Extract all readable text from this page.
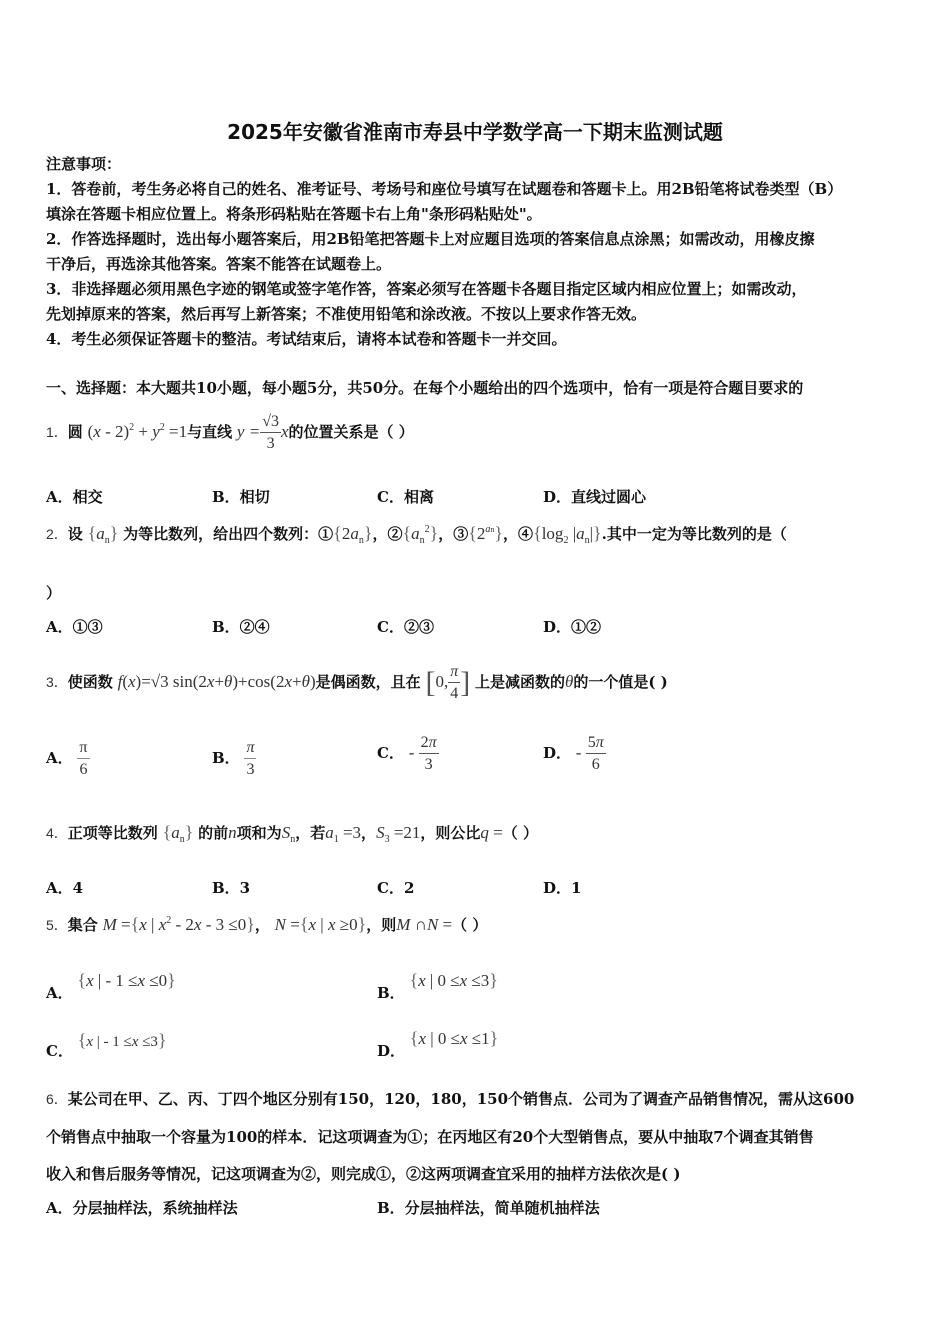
2025年安徽省淮南市寿县中学数学高一下期末监测试题
注意事项：
1．答卷前，考生务必将自己的姓名、准考证号、考场号和座位号填写在试题卷和答题卡上。用2B铅笔将试卷类型（B）
填涂在答题卡相应位置上。将条形码粘贴在答题卡右上角"条形码粘贴处"。
2．作答选择题时，选出每小题答案后，用2B铅笔把答题卡上对应题目选项的答案信息点涂黑；如需改动，用橡皮擦
干净后，再选涂其他答案。答案不能答在试题卷上。
3．非选择题必须用黑色字迹的钢笔或签字笔作答，答案必须写在答题卡各题目指定区域内相应位置上；如需改动，
先划掉原来的答案，然后再写上新答案；不准使用铅笔和涂改液。不按以上要求作答无效。
4．考生必须保证答题卡的整洁。考试结束后，请将本试卷和答题卡一并交回。
一、选择题：本大题共10小题，每小题5分，共50分。在每个小题给出的四个选项中，恰有一项是符合题目要求的
1．圆 $(x - 2)^2 + y^2 =1$与直线 $y = \frac{√3}{3}$ x的位置关系是（ ）
A．相交	B．相切	C．相离	D．直线过圆心
2．设 $\{a_n\}$ 为等比数列，给出四个数列：$①\{2a_n\}$，$②\{a_n^2\}$，$③\{2^{an}\}$，$④\{\log_2$ $|a_n|$}.其中一定为等比数列的是（
）
A．①③	B．②④	C．②③	D．①②
3．使函数 f(x)=√3 sin(2x+θ)+cos(2x+θ)是偶函数，且在 [0, $\frac{\pi}{4}$ ] 上是减函数的θ的一个值是( )
A． $\frac{\pi}{6}$	B． $\frac{\pi}{3}$	C． - $\frac{2\pi}{3}$	D． - $\frac{5\pi}{6}$
4．正项等比数列 $\{a_n\}$ 的前n项和为$S_n$，若$a_1 =3$，$S_3 =21$，则公比q =（ ）
A．4	B．3	C．2	D．1
5．集合 M ={x | $x^2 - 2x - 3 \le 0$}， N ={x | x ≥0}，则M ∩N =（ ）
A． {x | - 1 ≤x ≤0}
B． {x | 0 ≤x ≤3}
C． {x | - 1 ≤x ≤3}
D． {x | 0 ≤x ≤1}
6．某公司在甲、乙、丙、丁四个地区分别有150，120，180，150个销售点．公司为了调查产品销售情况，需从这600
个销售点中抽取一个容量为100的样本．记这项调查为①；在丙地区有20个大型销售点，要从中抽取7个调查其销售
收入和售后服务等情况，记这项调查为②，则完成①，②这两项调查宜采用的抽样方法依次是( )
A．分层抽样法，系统抽样法	B．分层抽样法，简单随机抽样法
